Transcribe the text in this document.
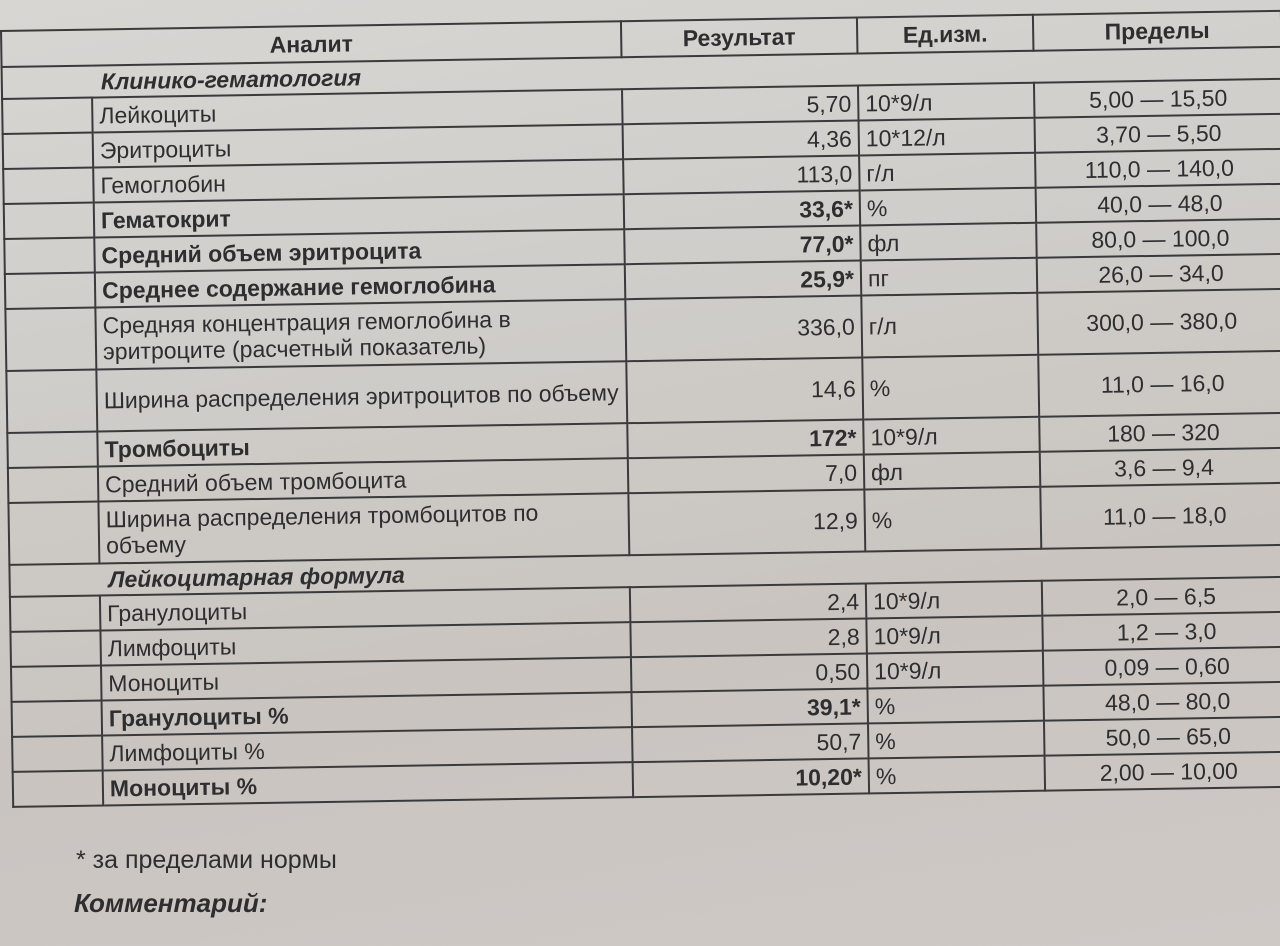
Аналит		Результат	Ед.изм.	Пределы
Клинико-гематология				
	Лейкоциты	5,70	10*9/л	5,00 — 15,50
	Эритроциты	4,36	10*12/л	3,70 — 5,50
	Гемоглобин	113,0	г/л	110,0 — 140,0
	Гематокрит	33,6*	%	40,0 — 48,0
	Средний объем эритроцита	77,0*	фл	80,0 — 100,0
	Среднее содержание гемоглобина	25,9*	пг	26,0 — 34,0
	Средняя концентрация гемоглобина в эритроците (расчетный показатель)	336,0	г/л	300,0 — 380,0
	Ширина распределения эритроцитов по объему	14,6	%	11,0 — 16,0
	Тромбоциты	172*	10*9/л	180 — 320
	Средний объем тромбоцита	7,0	фл	3,6 — 9,4
	Ширина распределения тромбоцитов по объему	12,9	%	11,0 — 18,0
Лейкоцитарная формула				
	Гранулоциты	2,4	10*9/л	2,0 — 6,5
	Лимфоциты	2,8	10*9/л	1,2 — 3,0
	Моноциты	0,50	10*9/л	0,09 — 0,60
	Гранулоциты %	39,1*	%	48,0 — 80,0
	Лимфоциты %	50,7	%	50,0 — 65,0
	Моноциты %	10,20*	%	2,00 — 10,00
* за пределами нормы
Комментарий:
